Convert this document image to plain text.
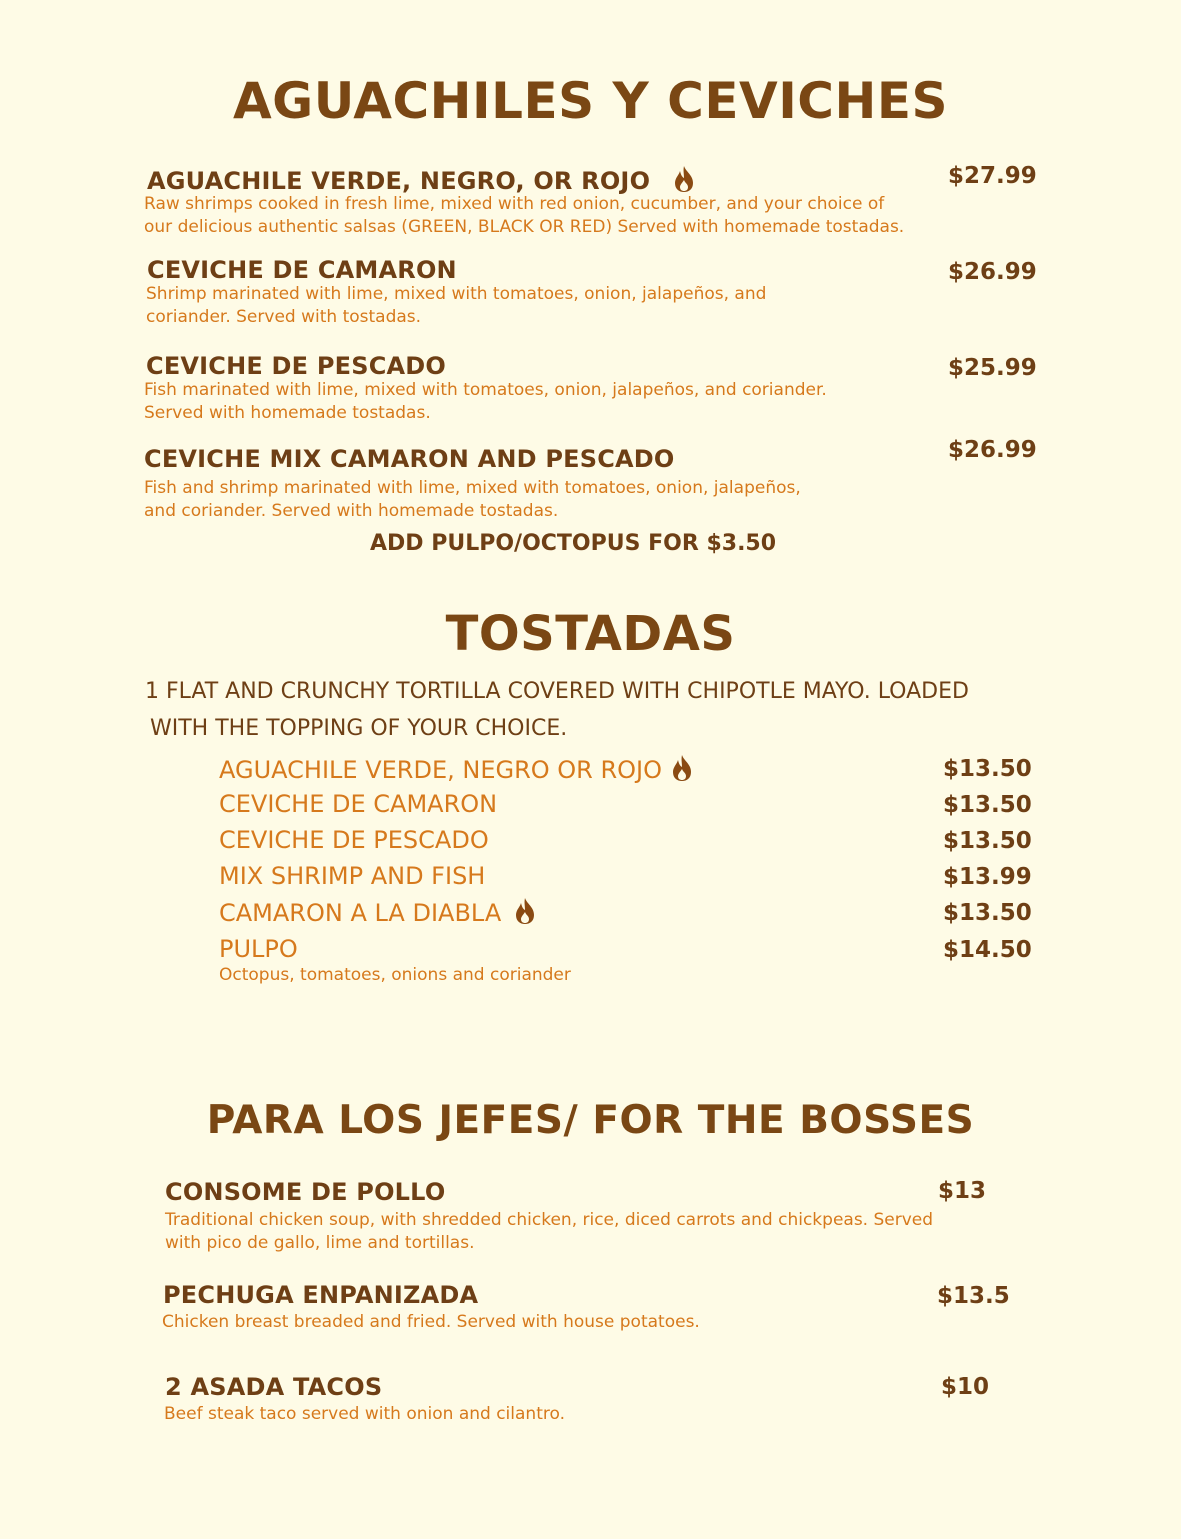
AGUACHILES Y CEVICHES
AGUACHILE VERDE, NEGRO, OR ROJO	$27.99
Raw shrimps cooked in fresh lime, mixed with red onion, cucumber, and your choice of
our delicious authentic salsas (GREEN, BLACK OR RED) Served with homemade tostadas.
CEVICHE DE CAMARON	$26.99
Shrimp marinated with lime, mixed with tomatoes, onion, jalapeños, and
coriander. Served with tostadas.
CEVICHE DE PESCADO	$25.99
Fish marinated with lime, mixed with tomatoes, onion, jalapeños, and coriander.
Served with homemade tostadas.
CEVICHE MIX CAMARON AND PESCADO	$26.99
Fish and shrimp marinated with lime, mixed with tomatoes, onion, jalapeños,
and coriander. Served with homemade tostadas.
ADD PULPO/OCTOPUS FOR $3.50
TOSTADAS
1 FLAT AND CRUNCHY TORTILLA COVERED WITH CHIPOTLE MAYO. LOADED
WITH THE TOPPING OF YOUR CHOICE.
AGUACHILE VERDE, NEGRO OR ROJO	$13.50
CEVICHE DE CAMARON	$13.50
CEVICHE DE PESCADO	$13.50
MIX SHRIMP AND FISH	$13.99
CAMARON A LA DIABLA	$13.50
PULPO	$14.50
Octopus, tomatoes, onions and coriander
PARA LOS JEFES/ FOR THE BOSSES
CONSOME DE POLLO	$13
Traditional chicken soup, with shredded chicken, rice, diced carrots and chickpeas. Served
with pico de gallo, lime and tortillas.
PECHUGA ENPANIZADA	$13.5
Chicken breast breaded and fried. Served with house potatoes.
2 ASADA TACOS	$10
Beef steak taco served with onion and cilantro.
